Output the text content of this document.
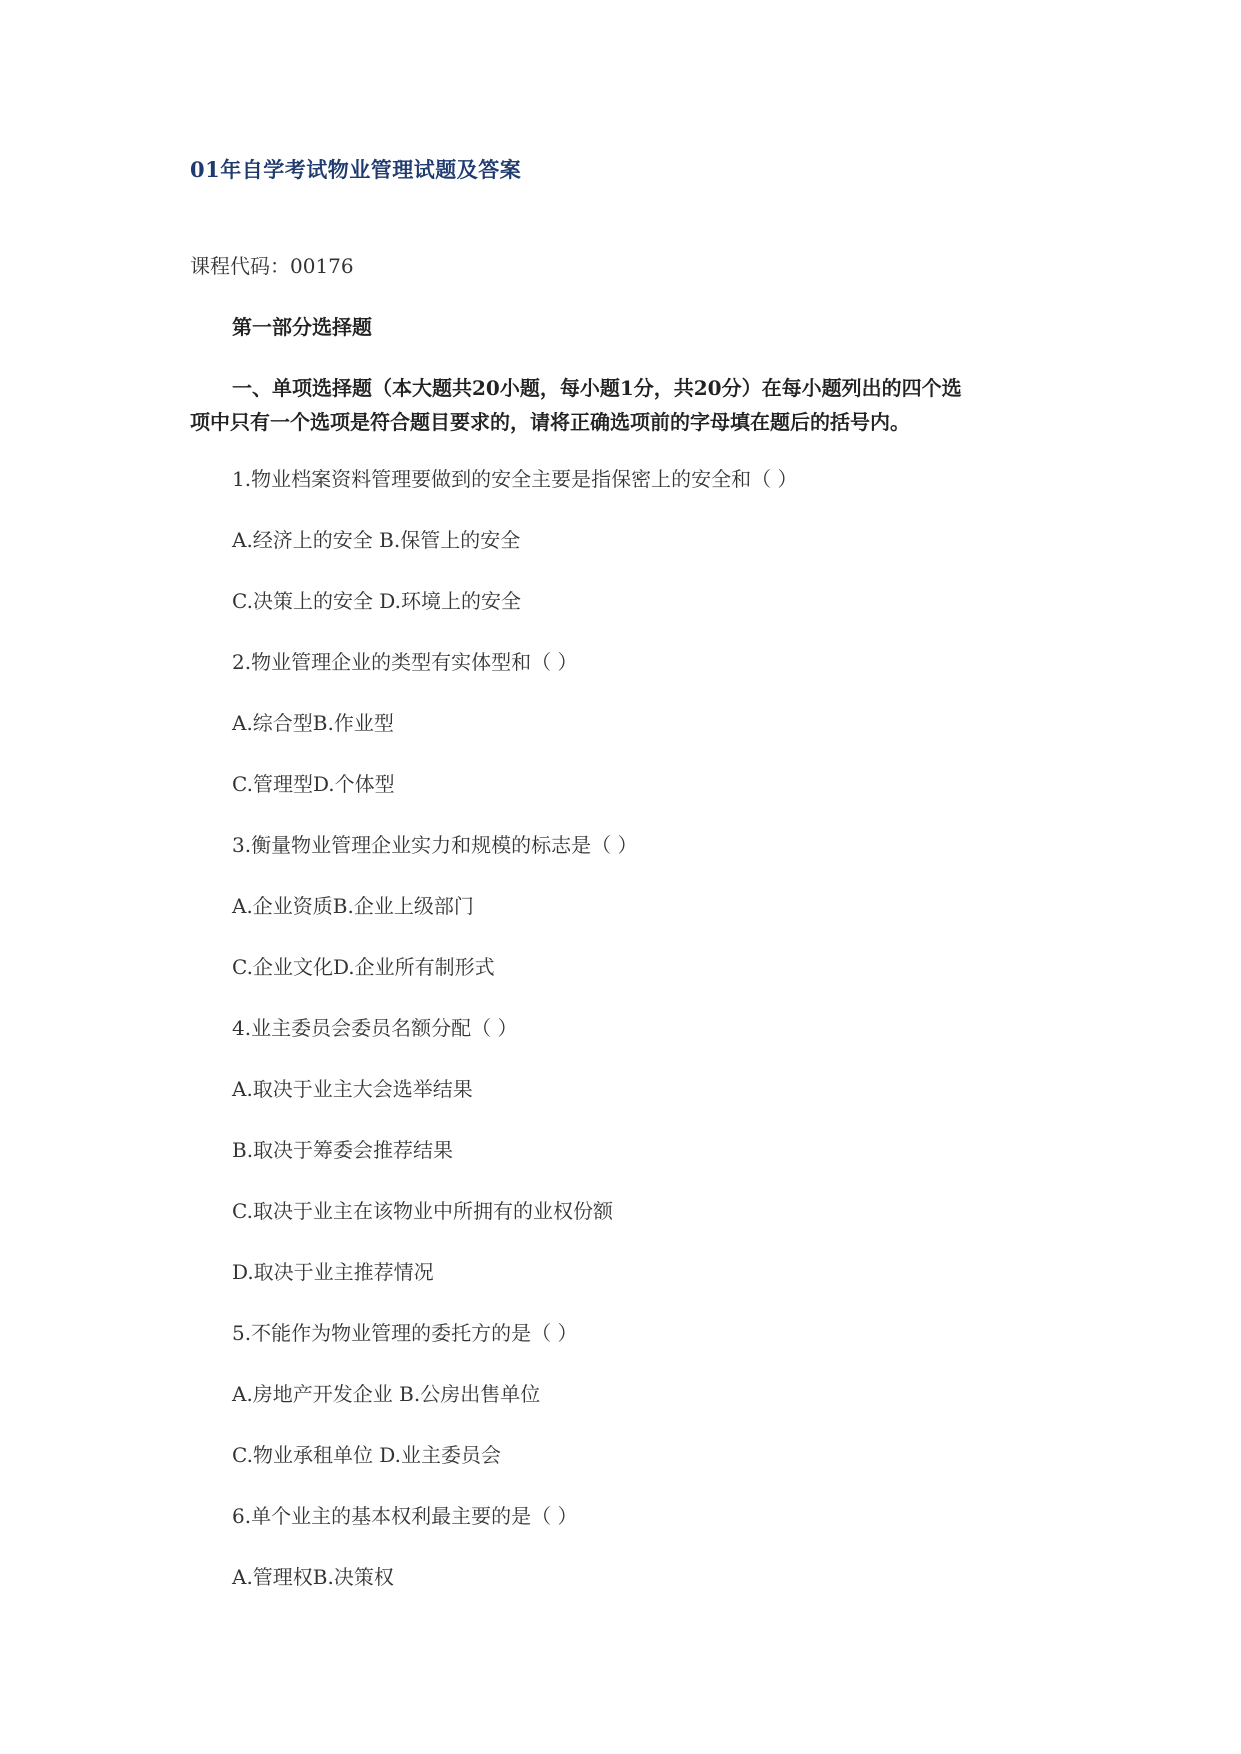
01年自学考试物业管理试题及答案
课程代码：00176
第一部分选择题
一、单项选择题（本大题共20小题，每小题1分，共20分）在每小题列出的四个选
项中只有一个选项是符合题目要求的，请将正确选项前的字母填在题后的括号内。
1.物业档案资料管理要做到的安全主要是指保密上的安全和（ ）
A.经济上的安全 B.保管上的安全
C.决策上的安全 D.环境上的安全
2.物业管理企业的类型有实体型和（ ）
A.综合型B.作业型
C.管理型D.个体型
3.衡量物业管理企业实力和规模的标志是（ ）
A.企业资质B.企业上级部门
C.企业文化D.企业所有制形式
4.业主委员会委员名额分配（ ）
A.取决于业主大会选举结果
B.取决于筹委会推荐结果
C.取决于业主在该物业中所拥有的业权份额
D.取决于业主推荐情况
5.不能作为物业管理的委托方的是（ ）
A.房地产开发企业 B.公房出售单位
C.物业承租单位 D.业主委员会
6.单个业主的基本权利最主要的是（ ）
A.管理权B.决策权
